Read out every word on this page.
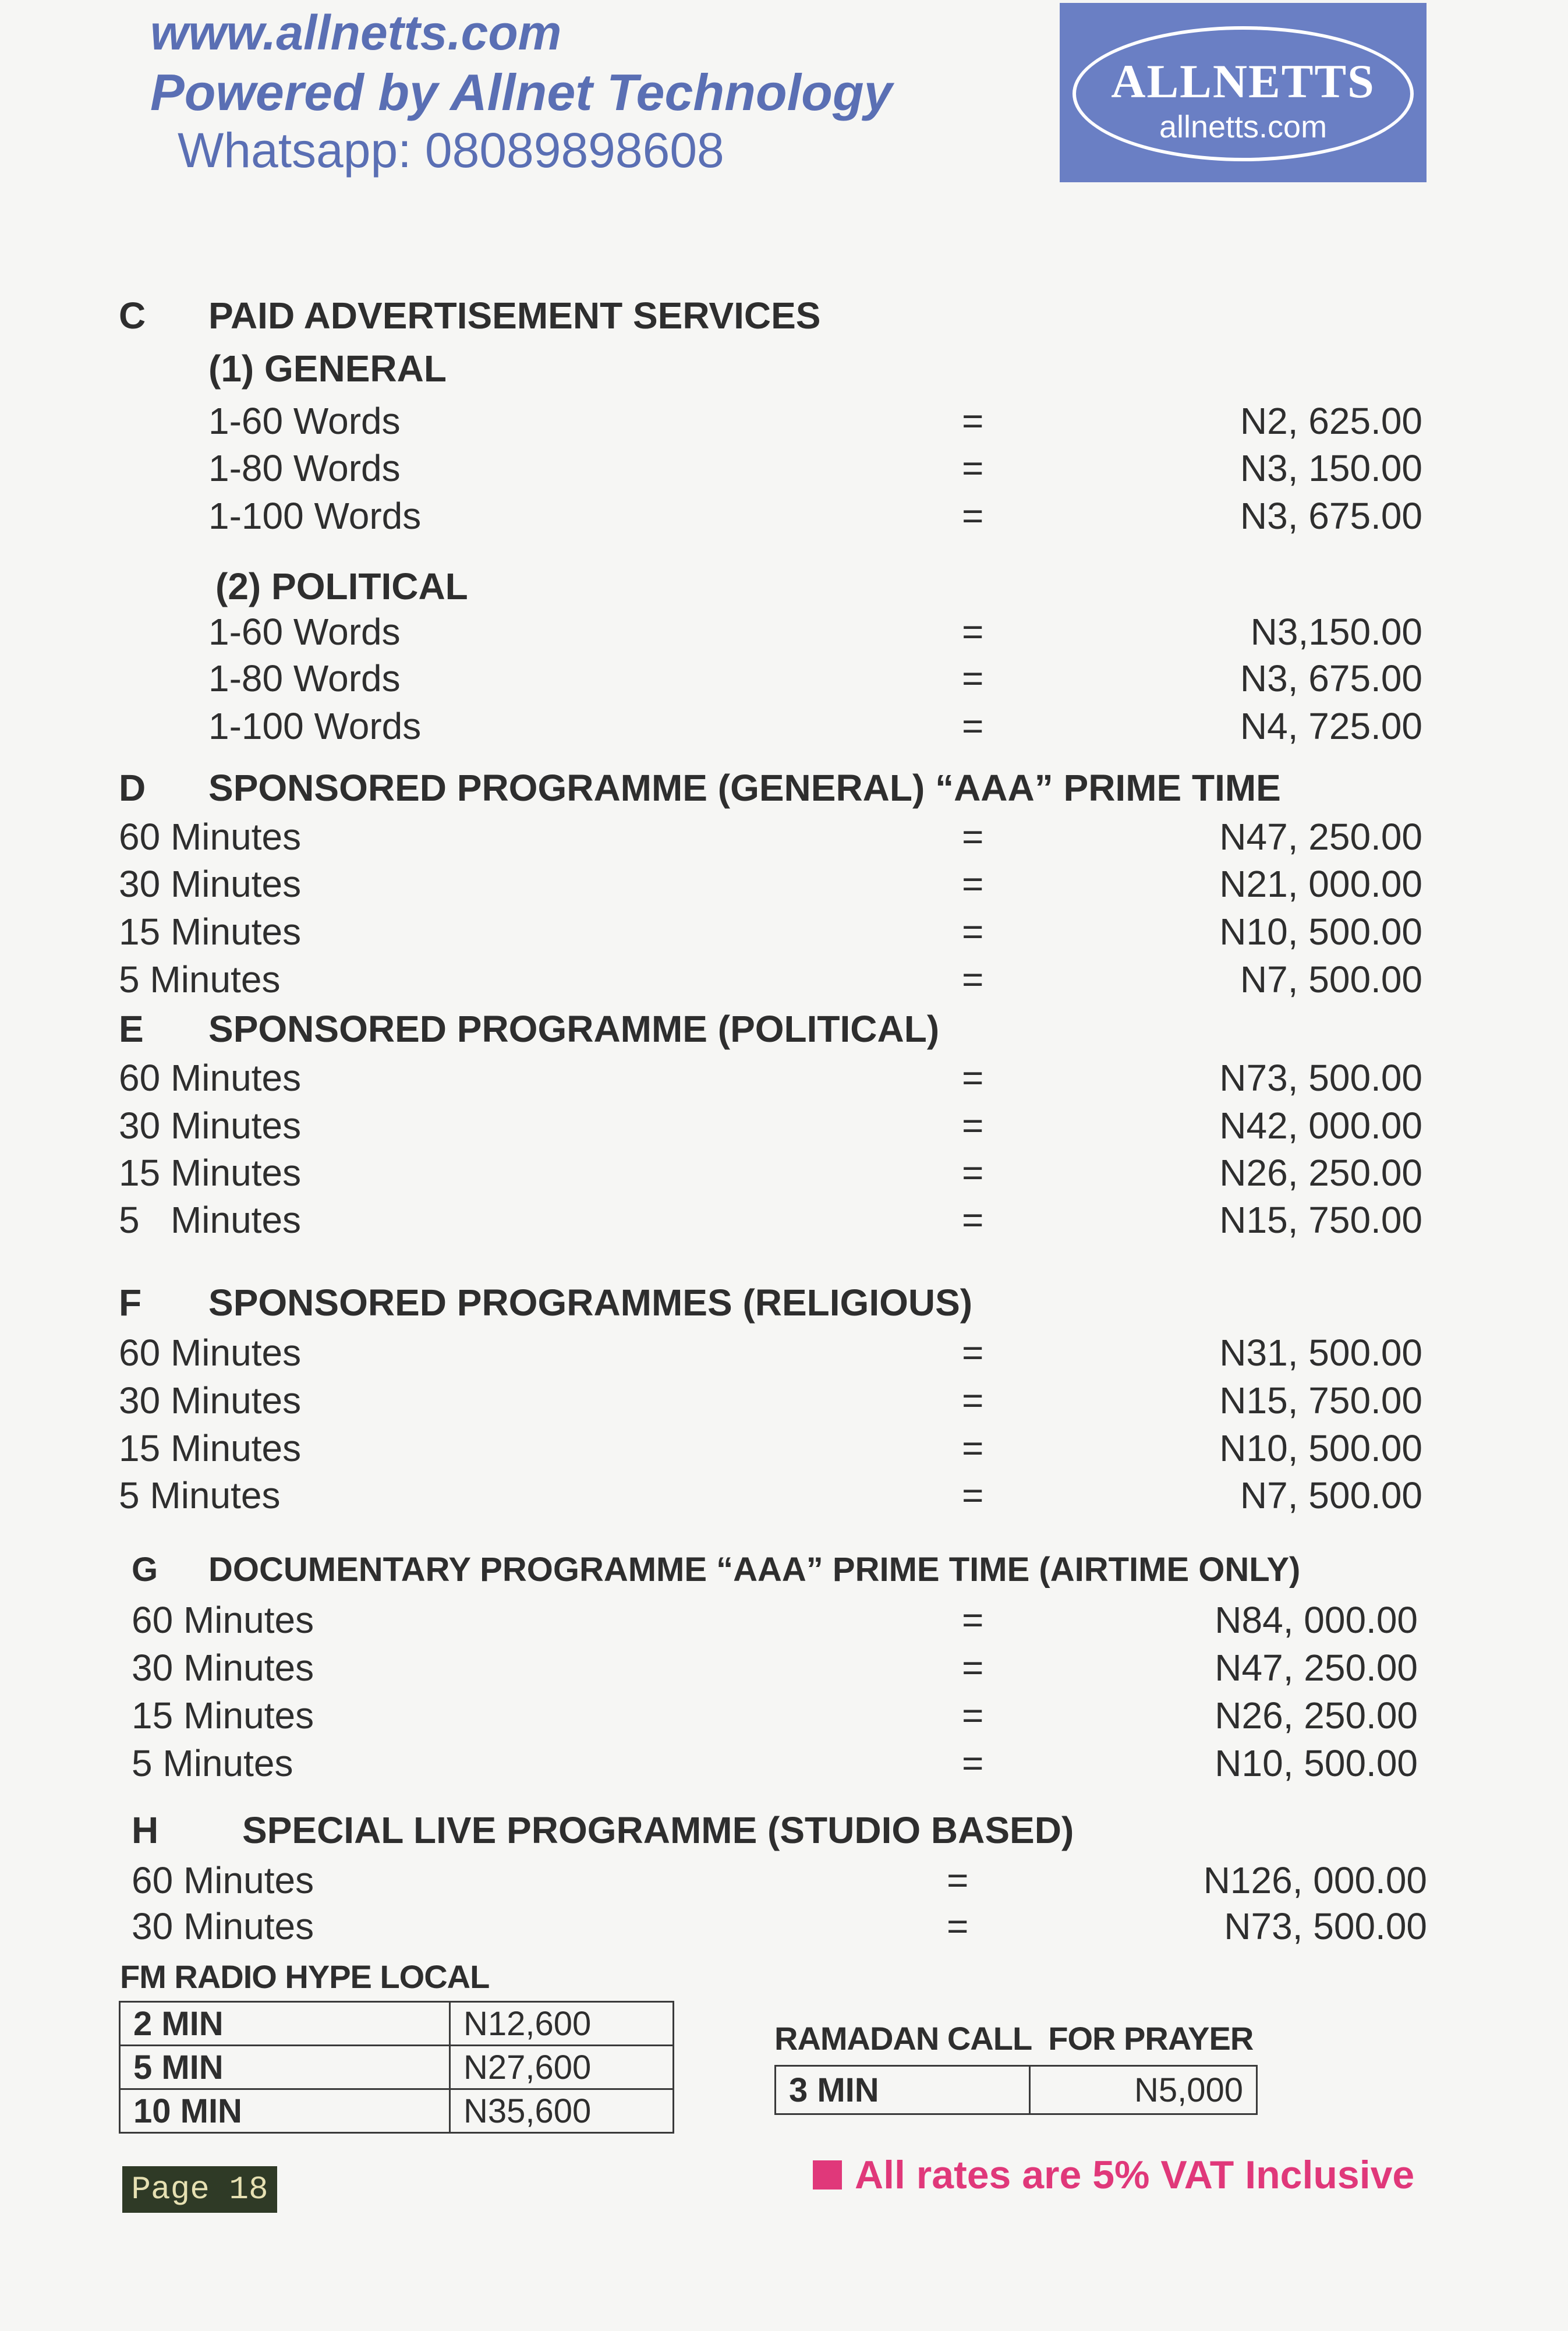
www.allnetts.com
Powered by Allnet Technology
Whatsapp: 08089898608
ALLNETTS
allnetts.com
C PAID ADVERTISEMENT SERVICES
(1) GENERAL
1-60 Words	=	N2, 625.00
1-80 Words	=	N3, 150.00
1-100 Words	=	N3, 675.00
(2) POLITICAL
1-60 Words	=	N3,150.00
1-80 Words	=	N3, 675.00
1-100 Words	=	N4, 725.00
D SPONSORED PROGRAMME (GENERAL) “AAA” PRIME TIME
60 Minutes	=	N47, 250.00
30 Minutes	=	N21, 000.00
15 Minutes	=	N10, 500.00
5 Minutes	=	N7, 500.00
E SPONSORED PROGRAMME (POLITICAL)
60 Minutes	=	N73, 500.00
30 Minutes	=	N42, 000.00
15 Minutes	=	N26, 250.00
5   Minutes	=	N15, 750.00
F SPONSORED PROGRAMMES (RELIGIOUS)
60 Minutes	=	N31, 500.00
30 Minutes	=	N15, 750.00
15 Minutes	=	N10, 500.00
5 Minutes	=	N7, 500.00
G DOCUMENTARY PROGRAMME “AAA” PRIME TIME (AIRTIME ONLY)
60 Minutes	=	N84, 000.00
30 Minutes	=	N47, 250.00
15 Minutes	=	N26, 250.00
5 Minutes	=	N10, 500.00
H SPECIAL LIVE PROGRAMME (STUDIO BASED)
60 Minutes	=	N126, 000.00
30 Minutes	=	N73, 500.00
FM RADIO HYPE LOCAL
2 MIN	N12,600
5 MIN	N27,600
10 MIN	N35,600
RAMADAN CALL  FOR PRAYER
3 MIN	N5,000
Page 18	All rates are 5% VAT Inclusive
